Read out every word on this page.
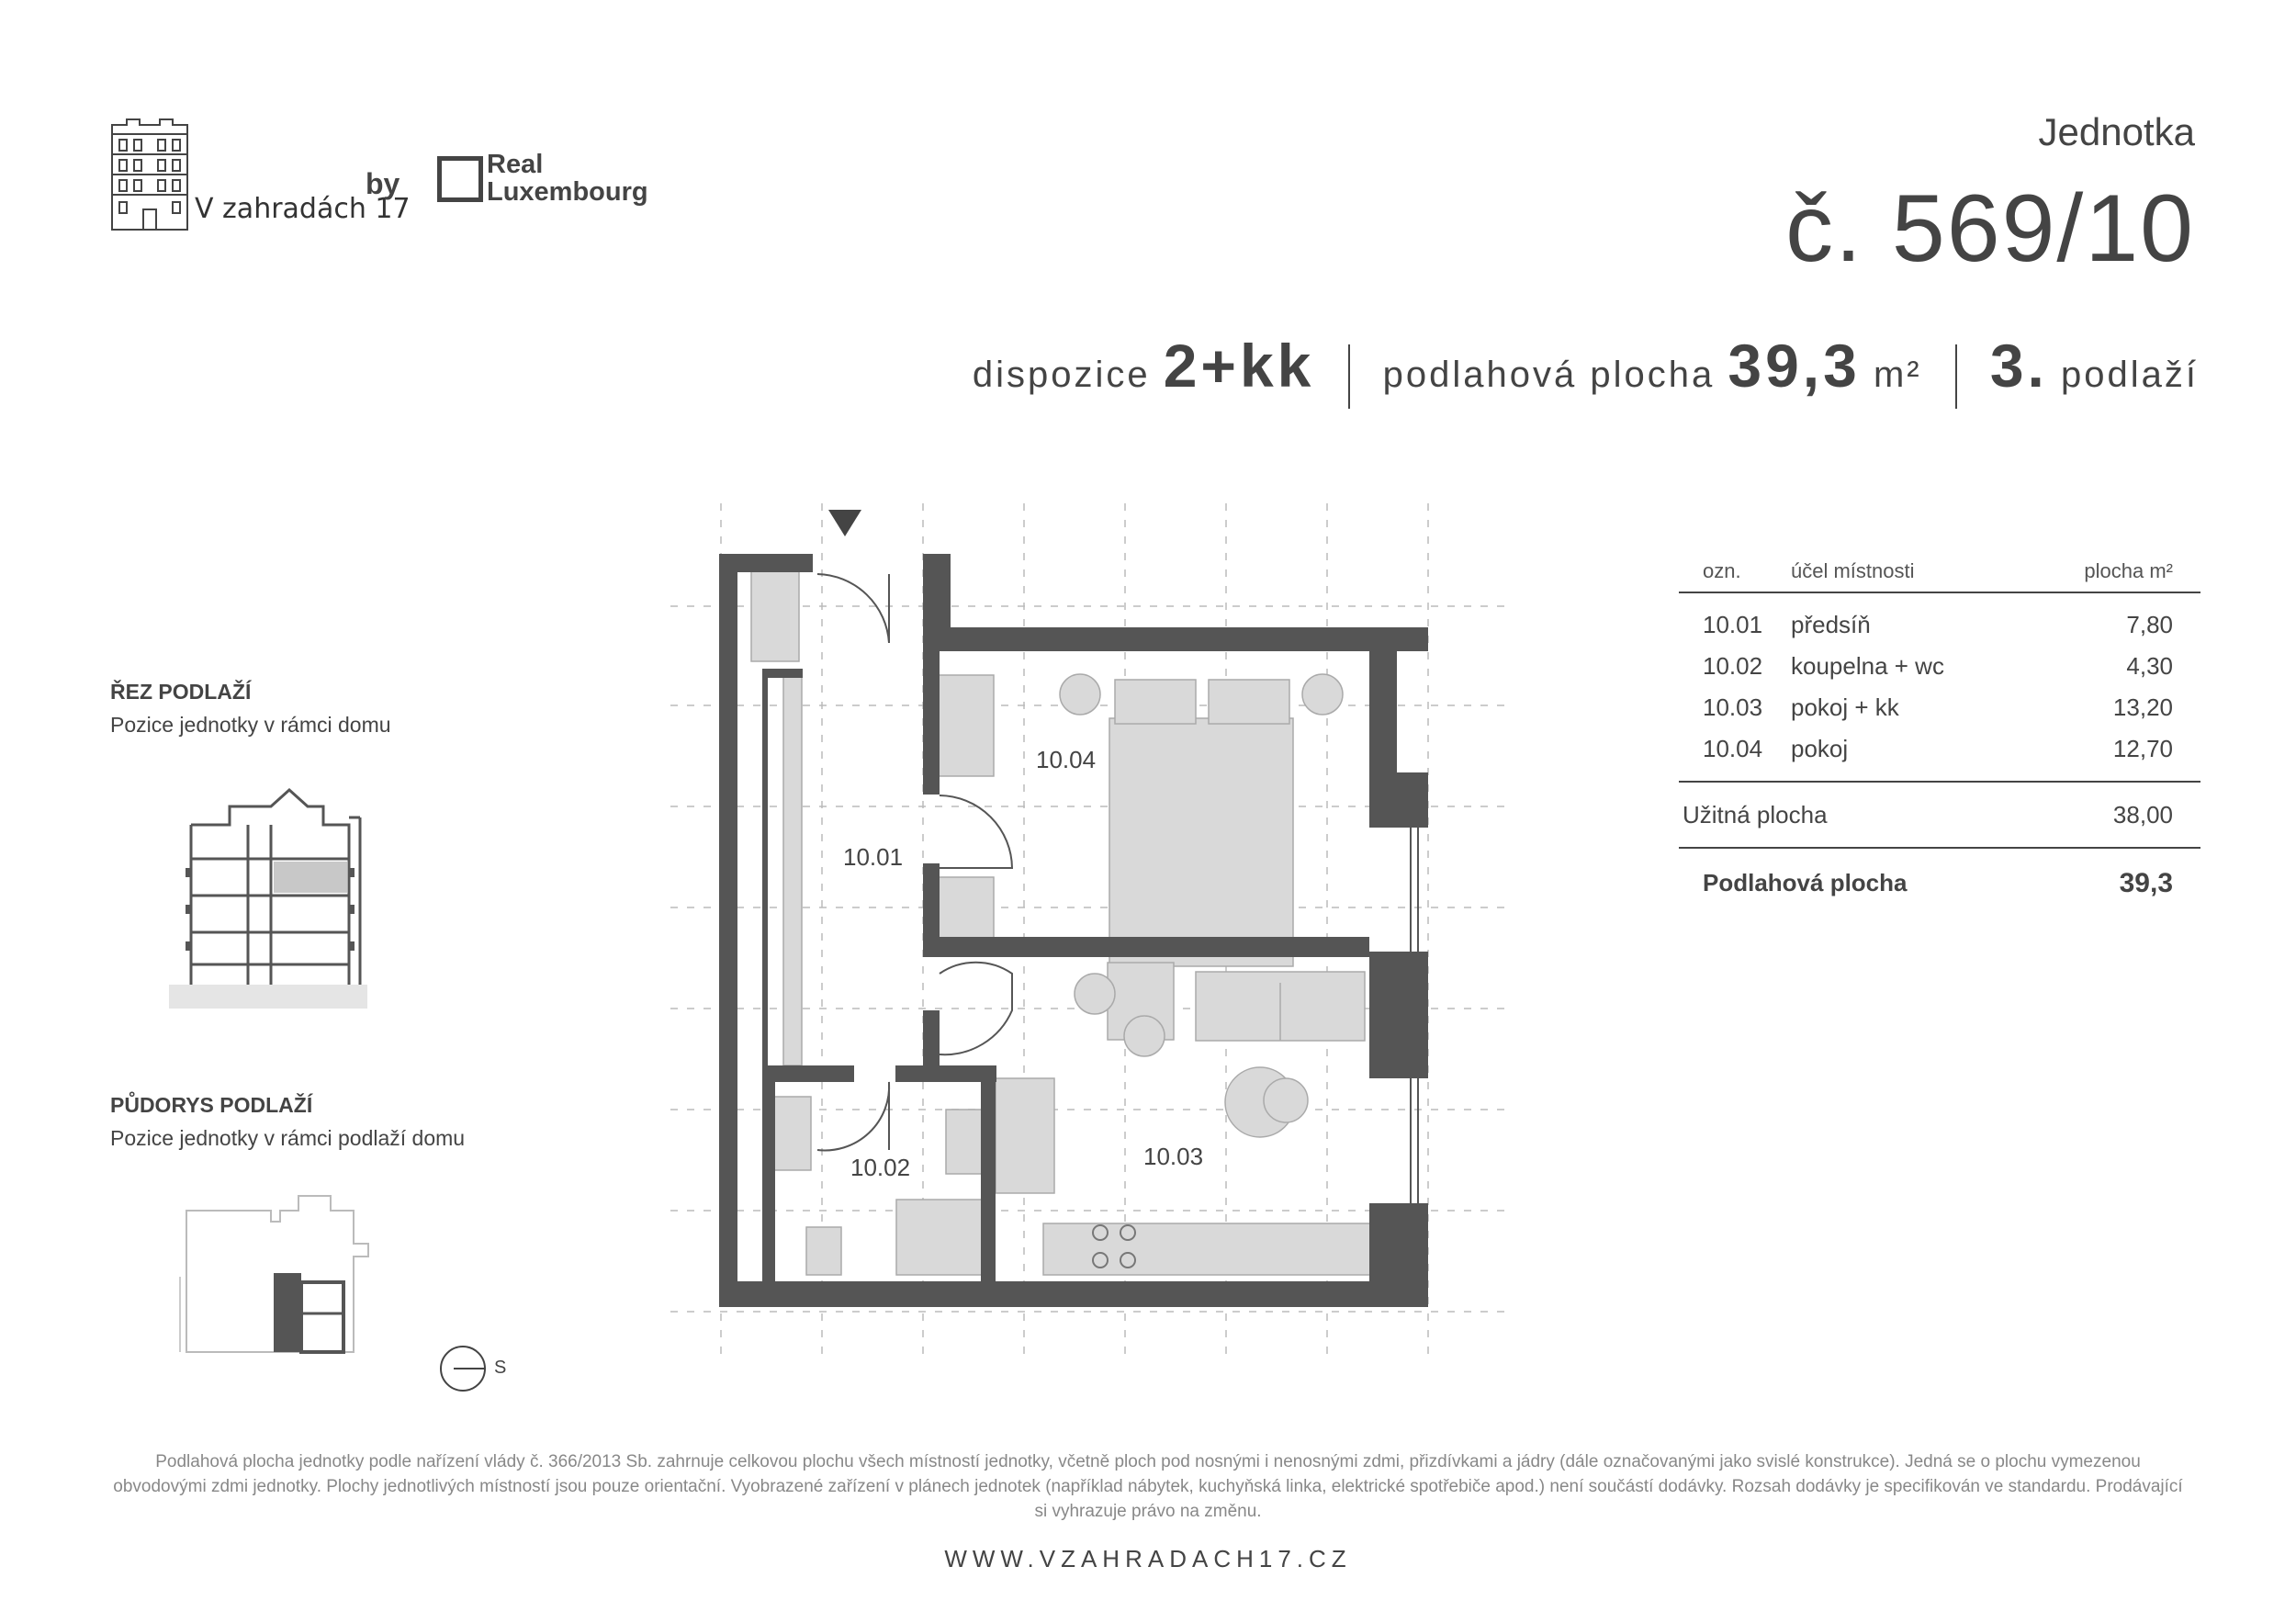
V zahradách 17
by
Real
Luxembourg
Jednotka
č. 569/10
dispozice 2+kk podlahová plocha 39,3 m² 3. podlaží
ŘEZ PODLAŽÍ
Pozice jednotky v rámci domu
PŮDORYS PODLAŽÍ
Pozice jednotky v rámci podlaží domu
S
10.01
10.02	10.03
10.04
ozn.	účel místnosti	plocha m²
10.01	předsíň	7,80
10.02	koupelna + wc	4,30
10.03	pokoj + kk	13,20
10.04	pokoj	12,70
Užitná plocha	38,00
Podlahová plocha	39,3
Podlahová plocha jednotky podle nařízení vlády č. 366/2013 Sb. zahrnuje celkovou plochu všech místností jednotky, včetně ploch pod nosnými i nenosnými zdmi, přizdívkami a jádry (dále označovanými jako svislé konstrukce). Jedná se o plochu vymezenou obvodovými zdmi jednotky. Plochy jednotlivých místností jsou pouze orientační. Vyobrazené zařízení v plánech jednotek (například nábytek, kuchyňská linka, elektrické spotřebiče apod.) není součástí dodávky. Rozsah dodávky je specifikován ve standardu. Prodávající si vyhrazuje právo na změnu.
WWW.VZAHRADACH17.CZ
